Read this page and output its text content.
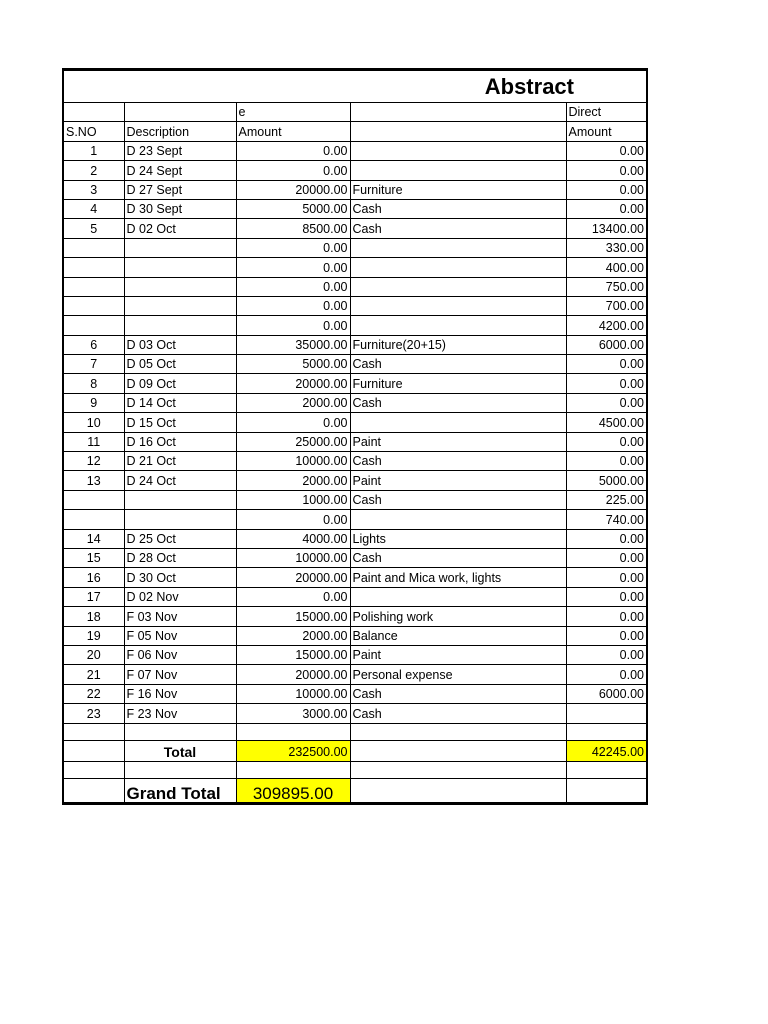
	Abstract			
		e		Direct
S.NO	Description	Amount		Amount
1	D 23 Sept	0.00		0.00
2	D 24 Sept	0.00		0.00
3	D 27 Sept	20000.00	Furniture	0.00
4	D 30 Sept	5000.00	Cash	0.00
5	D 02 Oct	8500.00	Cash	13400.00
		0.00		330.00
		0.00		400.00
		0.00		750.00
		0.00		700.00
		0.00		4200.00
6	D 03 Oct	35000.00	Furniture(20+15)	6000.00
7	D 05 Oct	5000.00	Cash	0.00
8	D 09 Oct	20000.00	Furniture	0.00
9	D 14 Oct	2000.00	Cash	0.00
10	D 15 Oct	0.00		4500.00
11	D 16 Oct	25000.00	Paint	0.00
12	D 21 Oct	10000.00	Cash	0.00
13	D 24 Oct	2000.00	Paint	5000.00
		1000.00	Cash	225.00
		0.00		740.00
14	D 25 Oct	4000.00	Lights	0.00
15	D 28 Oct	10000.00	Cash	0.00
16	D 30 Oct	20000.00	Paint and Mica work, lights	0.00
17	D 02 Nov	0.00		0.00
18	F 03 Nov	15000.00	Polishing work	0.00
19	F 05 Nov	2000.00	Balance	0.00
20	F 06 Nov	15000.00	Paint	0.00
21	F 07 Nov	20000.00	Personal expense	0.00
22	F 16 Nov	10000.00	Cash	6000.00
23	F 23 Nov	3000.00	Cash	

	Total	232500.00		42245.00

	Grand Total	309895.00		
